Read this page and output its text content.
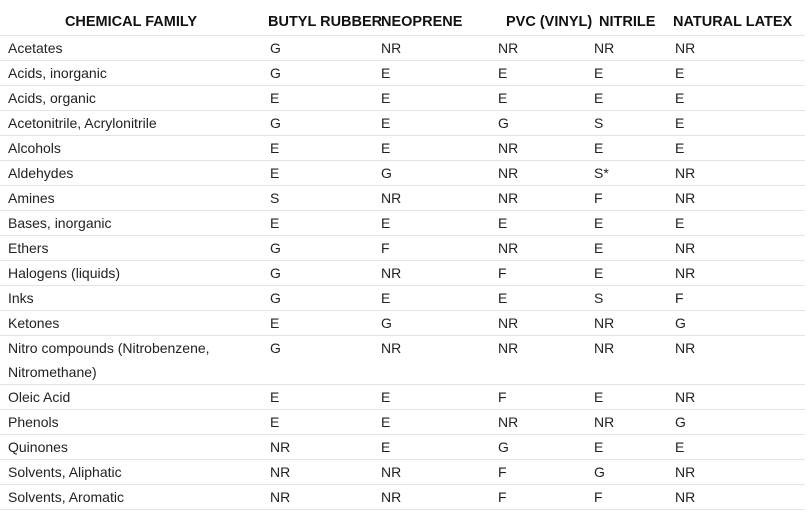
CHEMICAL FAMILY	BUTYL RUBBER	NEOPRENE	PVC (VINYL)	NITRILE	NATURAL LATEX
Acetates	G	NR	NR	NR	NR
Acids, inorganic	G	E	E	E	E
Acids, organic	E	E	E	E	E
Acetonitrile, Acrylonitrile	G	E	G	S	E
Alcohols	E	E	NR	E	E
Aldehydes	E	G	NR	S*	NR
Amines	S	NR	NR	F	NR
Bases, inorganic	E	E	E	E	E
Ethers	G	F	NR	E	NR
Halogens (liquids)	G	NR	F	E	NR
Inks	G	E	E	S	F
Ketones	E	G	NR	NR	G
Nitro compounds (Nitrobenzene, Nitromethane)	G	NR	NR	NR	NR
Oleic Acid	E	E	F	E	NR
Phenols	E	E	NR	NR	G
Quinones	NR	E	G	E	E
Solvents, Aliphatic	NR	NR	F	G	NR
Solvents, Aromatic	NR	NR	F	F	NR
